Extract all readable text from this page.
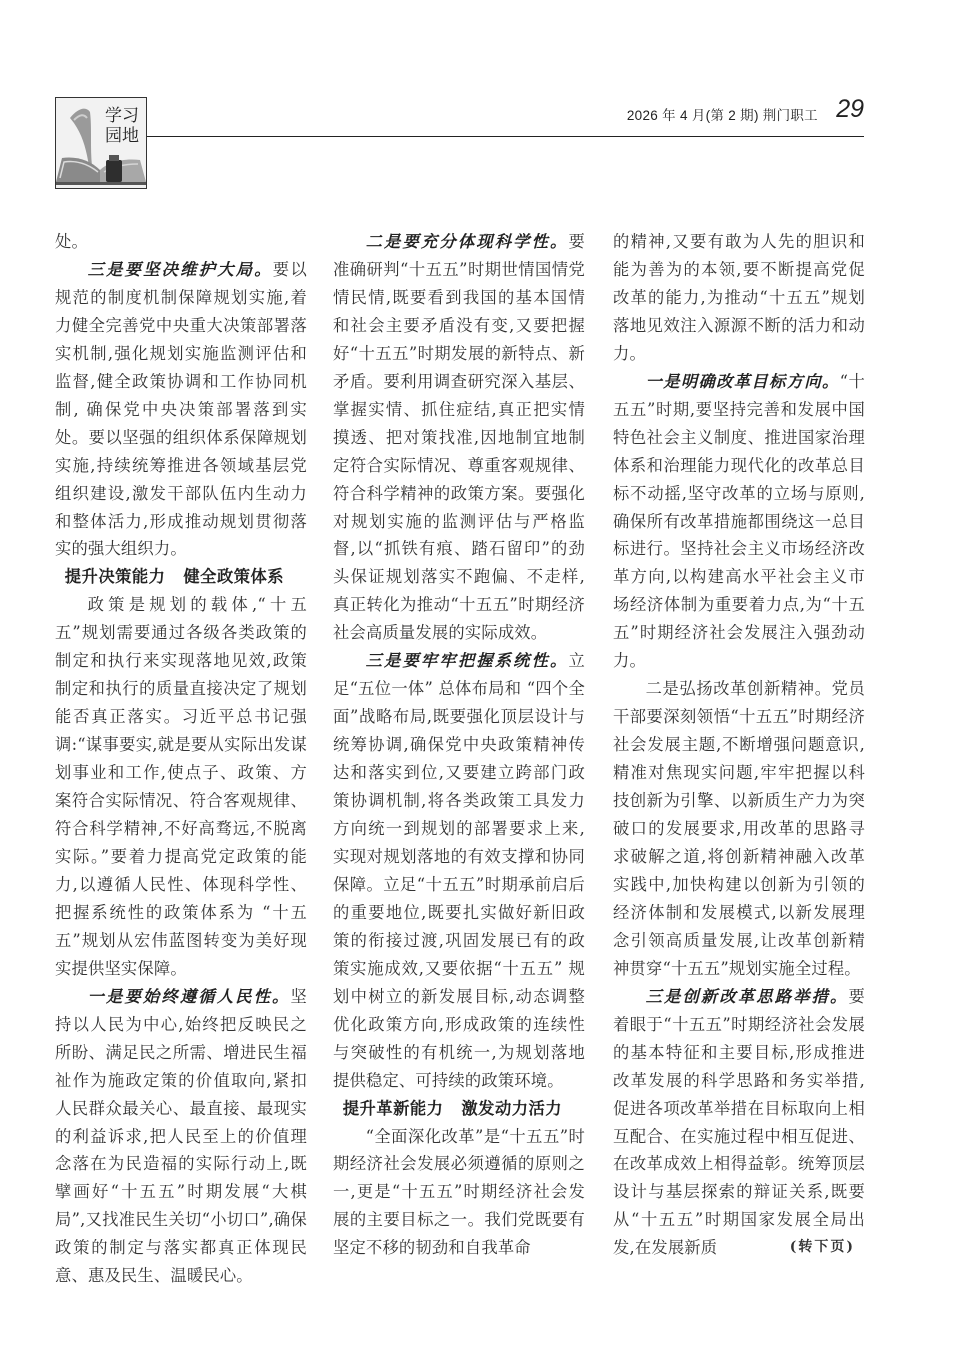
学习
园地
2026 年 4 月(第 2 期) 荆门职工 29

处。

三是要坚决维护大局。要以规范的制度机制保障规划实施,着力健全完善党中央重大决策部署落实机制,强化规划实施监测评估和监督,健全政策协调和工作协同机制, 确保党中央决策部署落到实处。要以坚强的组织体系保障规划实施,持续统筹推进各领域基层党组织建设,激发干部队伍内生动力和整体活力,形成推动规划贯彻落实的强大组织力。

提升决策能力 健全政策体系

政策是规划的载体,“十五五”规划需要通过各级各类政策的制定和执行来实现落地见效,政策制定和执行的质量直接决定了规划能否真正落实。习近平总书记强调:“谋事要实,就是要从实际出发谋划事业和工作,使点子、政策、方案符合实际情况、符合客观规律、符合科学精神,不好高骛远,不脱离实际。”要着力提高党定政策的能力,以遵循人民性、体现科学性、把握系统性的政策体系为 “十五五”规划从宏伟蓝图转变为美好现实提供坚实保障。

一是要始终遵循人民性。坚持以人民为中心,始终把反映民之所盼、满足民之所需、增进民生福祉作为施政定策的价值取向,紧扣人民群众最关心、最直接、最现实的利益诉求,把人民至上的价值理念落在为民造福的实际行动上,既擘画好“十五五”时期发展“大棋局”,又找准民生关切“小切口”,确保政策的制定与落实都真正体现民意、惠及民生、温暖民心。

二是要充分体现科学性。要准确研判“十五五”时期世情国情党情民情,既要看到我国的基本国情和社会主要矛盾没有变,又要把握好“十五五”时期发展的新特点、新矛盾。要利用调查研究深入基层、掌握实情、抓住症结,真正把实情摸透、把对策找准,因地制宜地制定符合实际情况、尊重客观规律、符合科学精神的政策方案。要强化对规划实施的监测评估与严格监督,以“抓铁有痕、踏石留印”的劲头保证规划落实不跑偏、不走样,真正转化为推动“十五五”时期经济社会高质量发展的实际成效。

三是要牢牢把握系统性。立足“五位一体” 总体布局和 “四个全面”战略布局,既要强化顶层设计与统筹协调,确保党中央政策精神传达和落实到位,又要建立跨部门政策协调机制,将各类政策工具发力方向统一到规划的部署要求上来,实现对规划落地的有效支撑和协同保障。立足“十五五”时期承前启后的重要地位,既要扎实做好新旧政策的衔接过渡,巩固发展已有的政策实施成效,又要依据“十五五” 规划中树立的新发展目标,动态调整优化政策方向,形成政策的连续性与突破性的有机统一,为规划落地提供稳定、可持续的政策环境。

提升革新能力 激发动力活力

“全面深化改革”是“十五五”时期经济社会发展必须遵循的原则之一,更是“十五五”时期经济社会发展的主要目标之一。我们党既要有坚定不移的韧劲和自我革命

的精神,又要有敢为人先的胆识和能为善为的本领,要不断提高党促改革的能力,为推动“十五五”规划落地见效注入源源不断的活力和动力。

一是明确改革目标方向。“十五五”时期,要坚持完善和发展中国特色社会主义制度、推进国家治理体系和治理能力现代化的改革总目标不动摇,坚守改革的立场与原则,确保所有改革措施都围绕这一总目标进行。坚持社会主义市场经济改革方向,以构建高水平社会主义市场经济体制为重要着力点,为“十五五”时期经济社会发展注入强劲动力。

二是弘扬改革创新精神。党员干部要深刻领悟“十五五”时期经济社会发展主题,不断增强问题意识,精准对焦现实问题,牢牢把握以科技创新为引擎、以新质生产力为突破口的发展要求,用改革的思路寻求破解之道,将创新精神融入改革实践中,加快构建以创新为引领的经济体制和发展模式,以新发展理念引领高质量发展,让改革创新精神贯穿“十五五”规划实施全过程。

三是创新改革思路举措。要着眼于“十五五”时期经济社会发展的基本特征和主要目标,形成推进改革发展的科学思路和务实举措,促进各项改革举措在目标取向上相互配合、在实施过程中相互促进、在改革成效上相得益彰。统筹顶层设计与基层探索的辩证关系,既要从“十五五”时期国家发展全局出发,在发展新质	(转下页)
